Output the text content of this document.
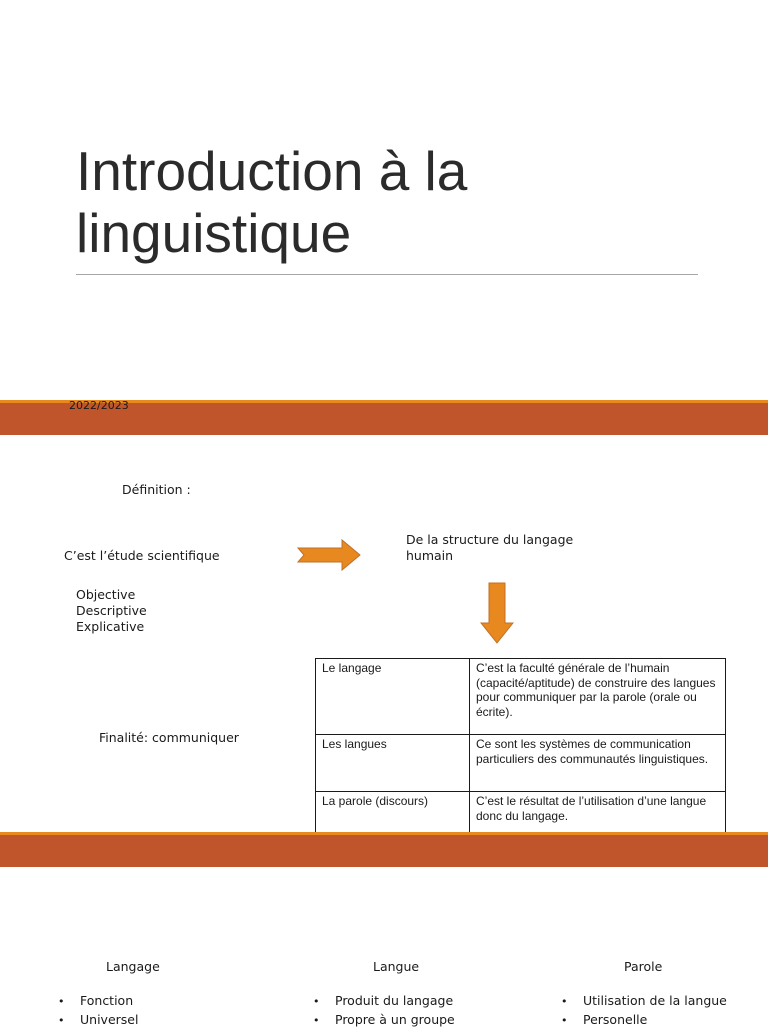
Introduction à la linguistique
2022/2023
Définition :
C’est l’étude scientifique
De la structure du langage humain
Objective
Descriptive
Explicative
Finalité: communiquer
Le langage	C’est la faculté générale de l’humain (capacité/aptitude) de construire des langues pour communiquer par la parole (orale ou écrite).
Les langues	Ce sont les systèmes de communication particuliers des communautés linguistiques.
La parole (discours)	C’est le résultat de l’utilisation d’une langue donc du langage.
Langage
• Fonction
• Universel
Langue
• Produit du langage
• Propre à un groupe
Parole
• Utilisation de la langue
• Personelle
